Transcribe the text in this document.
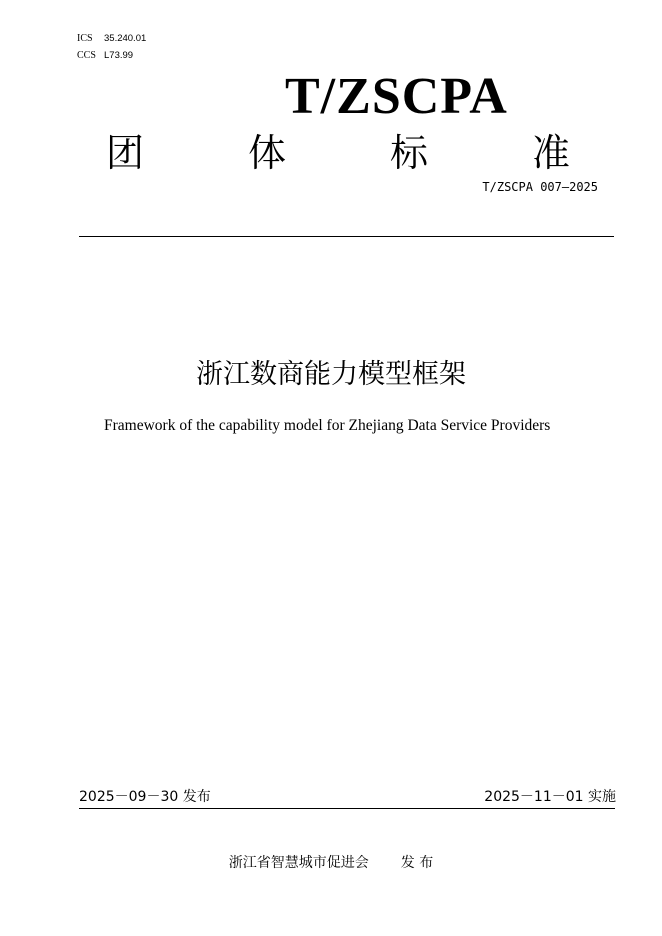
ICS 35.240.01
CCS L73.99
T/ZSCPA
团	体	标	准
T/ZSCPA 007—2025
浙江数商能力模型框架
Framework of the capability model for Zhejiang Data Service Providers
2025－09－30 发布	2025－11－01 实施
浙江省智慧城市促进会 发 布
